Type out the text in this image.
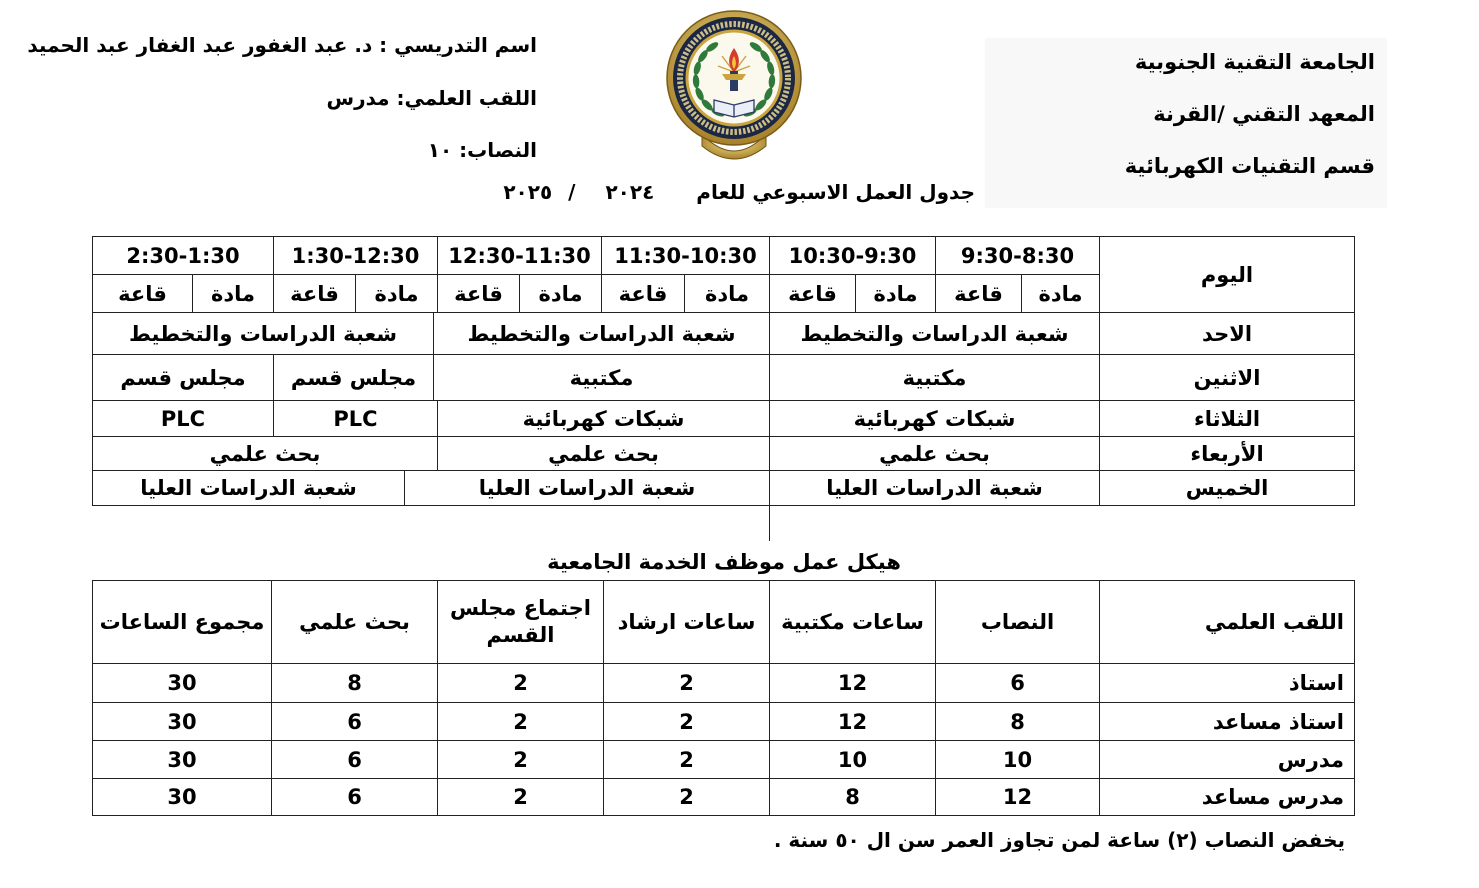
الجامعة التقنية الجنوبية
المعهد التقني /القرنة
قسم التقنيات الكهربائية
اسم التدريسي : د. عبد الغفور عبد الغفار عبد الحميد
اللقب العلمي: مدرس
النصاب: ١٠
جدول العمل الاسبوعي للعام
٢٠٢٤
/
٢٠٢٥
اليوم
9:30-8:30
10:30-9:30
11:30-10:30
12:30-11:30
1:30-12:30
2:30-1:30
مادة
قاعة
مادة
قاعة
مادة
قاعة
مادة
قاعة
مادة
قاعة
مادة
قاعة
الاحد
شعبة الدراسات والتخطيط
شعبة الدراسات والتخطيط
شعبة الدراسات والتخطيط
الاثنين
مكتبية
مكتبية
مجلس قسم
مجلس قسم
الثلاثاء
شبكات كهربائية
شبكات كهربائية
PLC
PLC
الأربعاء
بحث علمي
بحث علمي
بحث علمي
الخميس
شعبة الدراسات العليا
شعبة الدراسات العليا
شعبة الدراسات العليا
هيكل عمل موظف الخدمة الجامعية
اللقب العلمي
النصاب
ساعات مكتبية
ساعات ارشاد
اجتماع مجلس القسم
بحث علمي
مجموع الساعات
استاذ
6
12
2
2
8
30
استاذ مساعد
8
12
2
2
6
30
مدرس
10
10
2
2
6
30
مدرس مساعد
12
8
2
2
6
30
يخفض النصاب (٢) ساعة لمن تجاوز العمر سن ال ٥٠ سنة .
